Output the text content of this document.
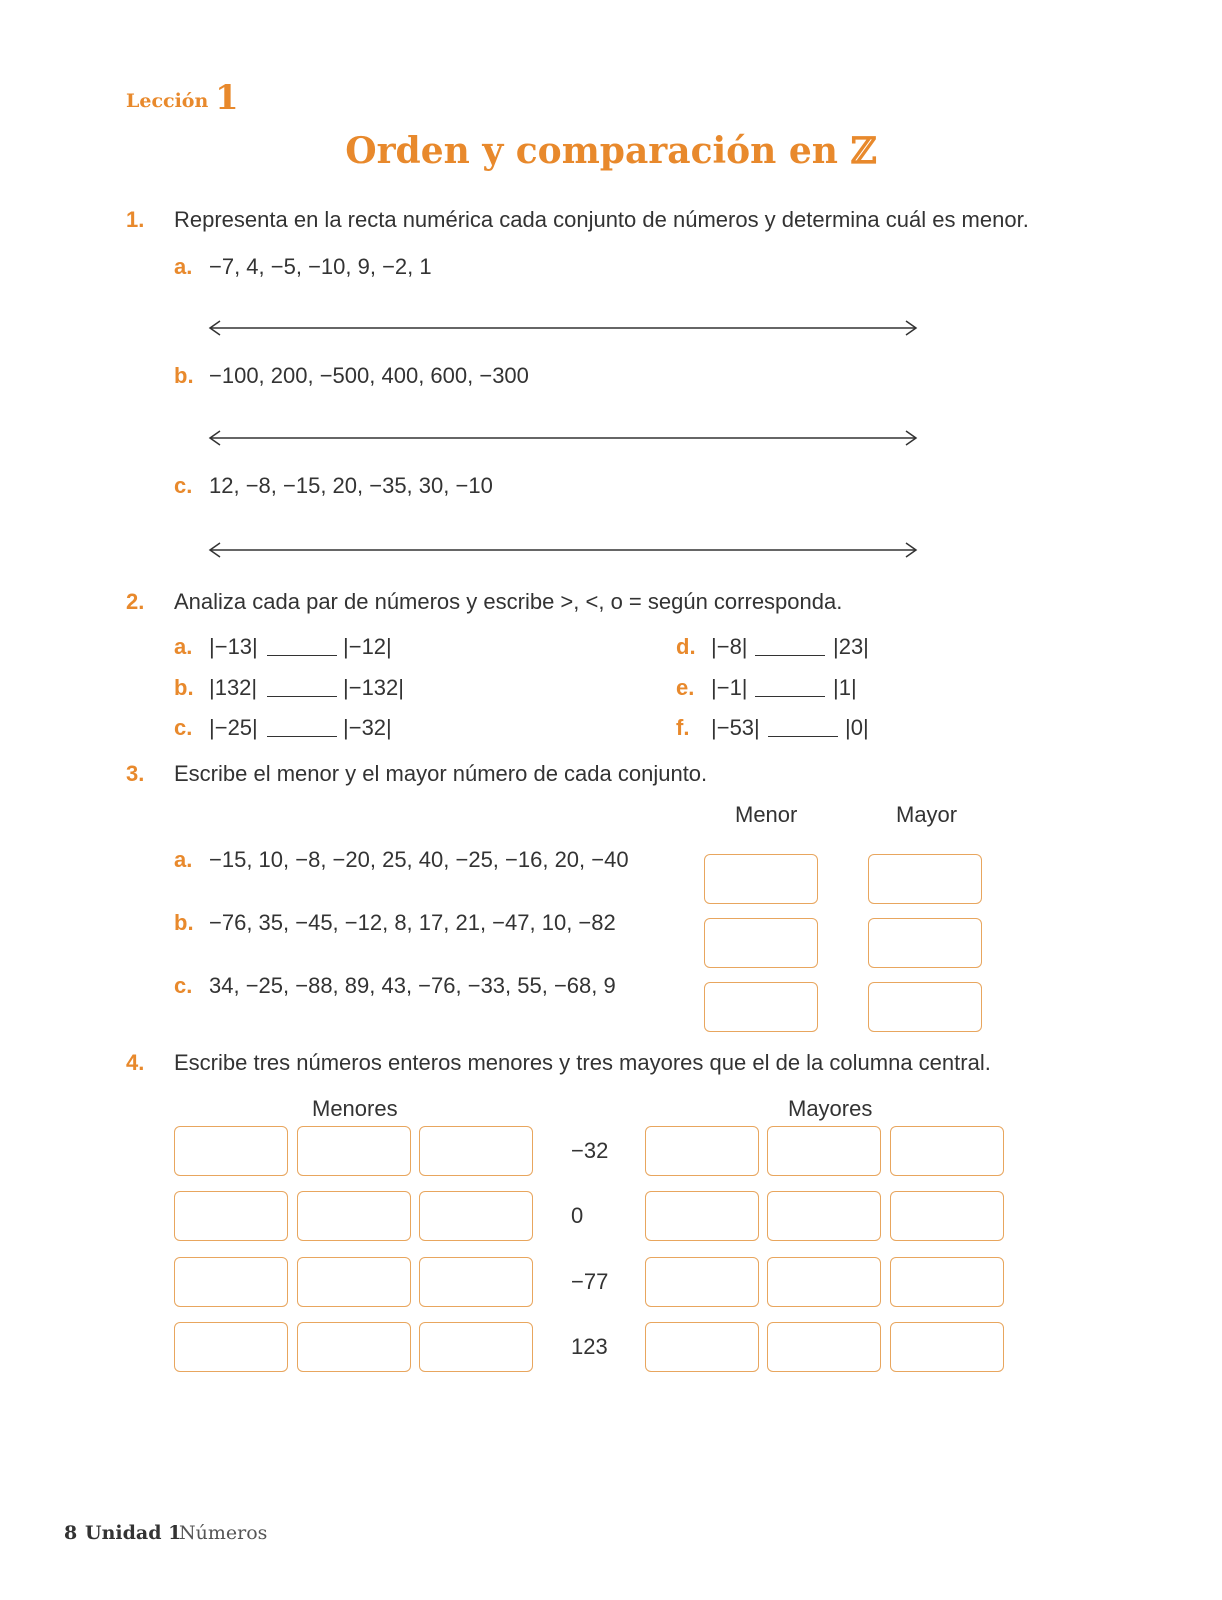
Lección 1
Orden y comparación en ℤ
1. Representa en la recta numérica cada conjunto de números y determina cuál es menor.
a. −7, 4, −5, −10, 9, −2, 1
b. −100, 200, −500, 400, 600, −300
c. 12, −8, −15, 20, −35, 30, −10
2. Analiza cada par de números y escribe >, <, o = según corresponda.
a. |−13|	|−12|
b. |132|	|−132|
c. |−25|	|−32|
d. |−8|	|23|
e. |−1|	|1|
f. |−53|	|0|
3. Escribe el menor y el mayor número de cada conjunto.
Menor	Mayor
a. −15, 10, −8, −20, 25, 40, −25, −16, 20, −40
b. −76, 35, −45, −12, 8, 17, 21, −47, 10, −82
c. 34, −25, −88, 89, 43, −76, −33, 55, −68, 9
4. Escribe tres números enteros menores y tres mayores que el de la columna central.
Menores	Mayores
−32
0
−77
123
8 Unidad 1
Números
